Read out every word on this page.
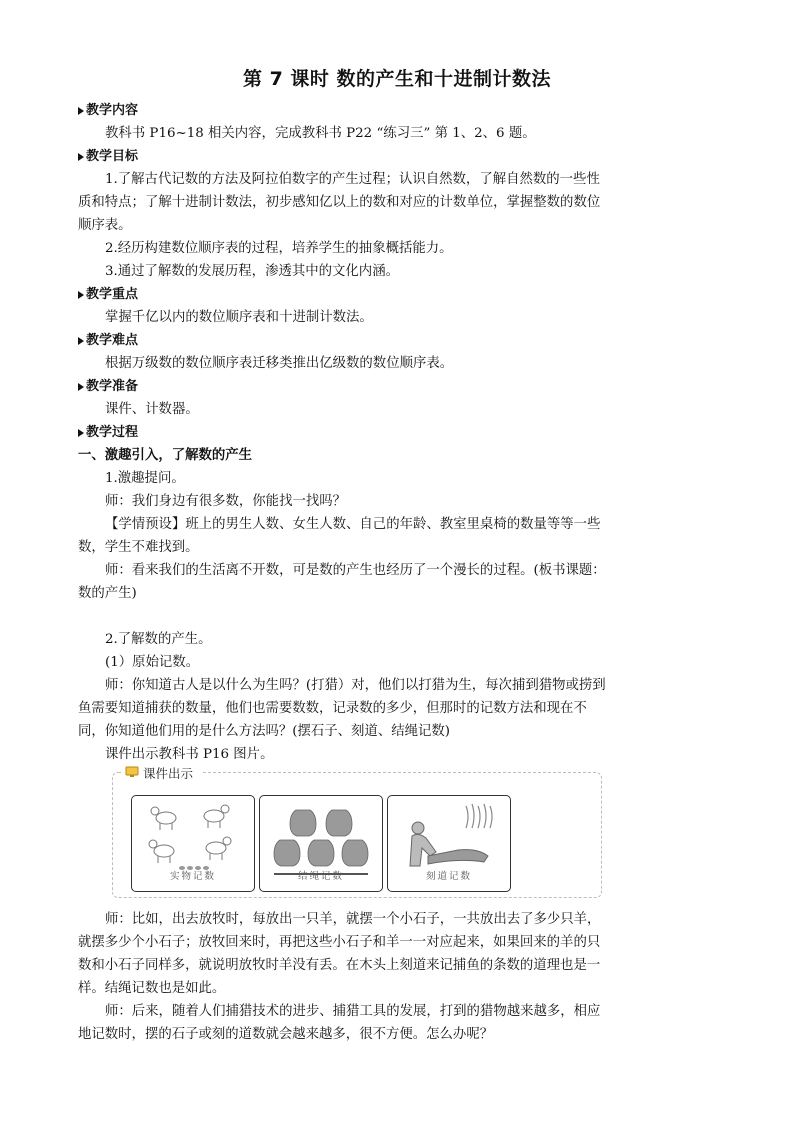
第 7 课时 数的产生和十进制计数法
教学内容
教科书 P16~18 相关内容，完成教科书 P22 “练习三” 第 1、2、6 题。
教学目标
1.了解古代记数的方法及阿拉伯数字的产生过程；认识自然数，了解自然数的一些性质和特点；了解十进制计数法，初步感知亿以上的数和对应的计数单位，掌握整数的数位顺序表。
2.经历构建数位顺序表的过程，培养学生的抽象概括能力。
3.通过了解数的发展历程，渗透其中的文化内涵。
教学重点
掌握千亿以内的数位顺序表和十进制计数法。
教学难点
根据万级数的数位顺序表迁移类推出亿级数的数位顺序表。
教学准备
课件、计数器。
教学过程
一、激趣引入，了解数的产生
1.激趣提问。
师：我们身边有很多数，你能找一找吗？
【学情预设】班上的男生人数、女生人数、自己的年龄、教室里桌椅的数量等等一些数，学生不难找到。
师：看来我们的生活离不开数，可是数的产生也经历了一个漫长的过程。(板书课题：数的产生)
2.了解数的产生。
(1）原始记数。
师：你知道古人是以什么为生吗？(打猎）对，他们以打猎为生，每次捕到猎物或捞到鱼需要知道捕获的数量，他们也需要数数，记录数的多少，但那时的记数方法和现在不同，你知道他们用的是什么方法吗？(摆石子、刻道、结绳记数)
课件出示教科书 P16 图片。
课件出示
实物记数	结绳记数	刻道记数
师：比如，出去放牧时，每放出一只羊，就摆一个小石子，一共放出去了多少只羊，就摆多少个小石子；放牧回来时，再把这些小石子和羊一一对应起来，如果回来的羊的只数和小石子同样多，就说明放牧时羊没有丢。在木头上刻道来记捕鱼的条数的道理也是一样。结绳记数也是如此。
师：后来，随着人们捕猎技术的进步、捕猎工具的发展，打到的猎物越来越多，相应地记数时，摆的石子或刻的道数就会越来越多，很不方便。怎么办呢？
